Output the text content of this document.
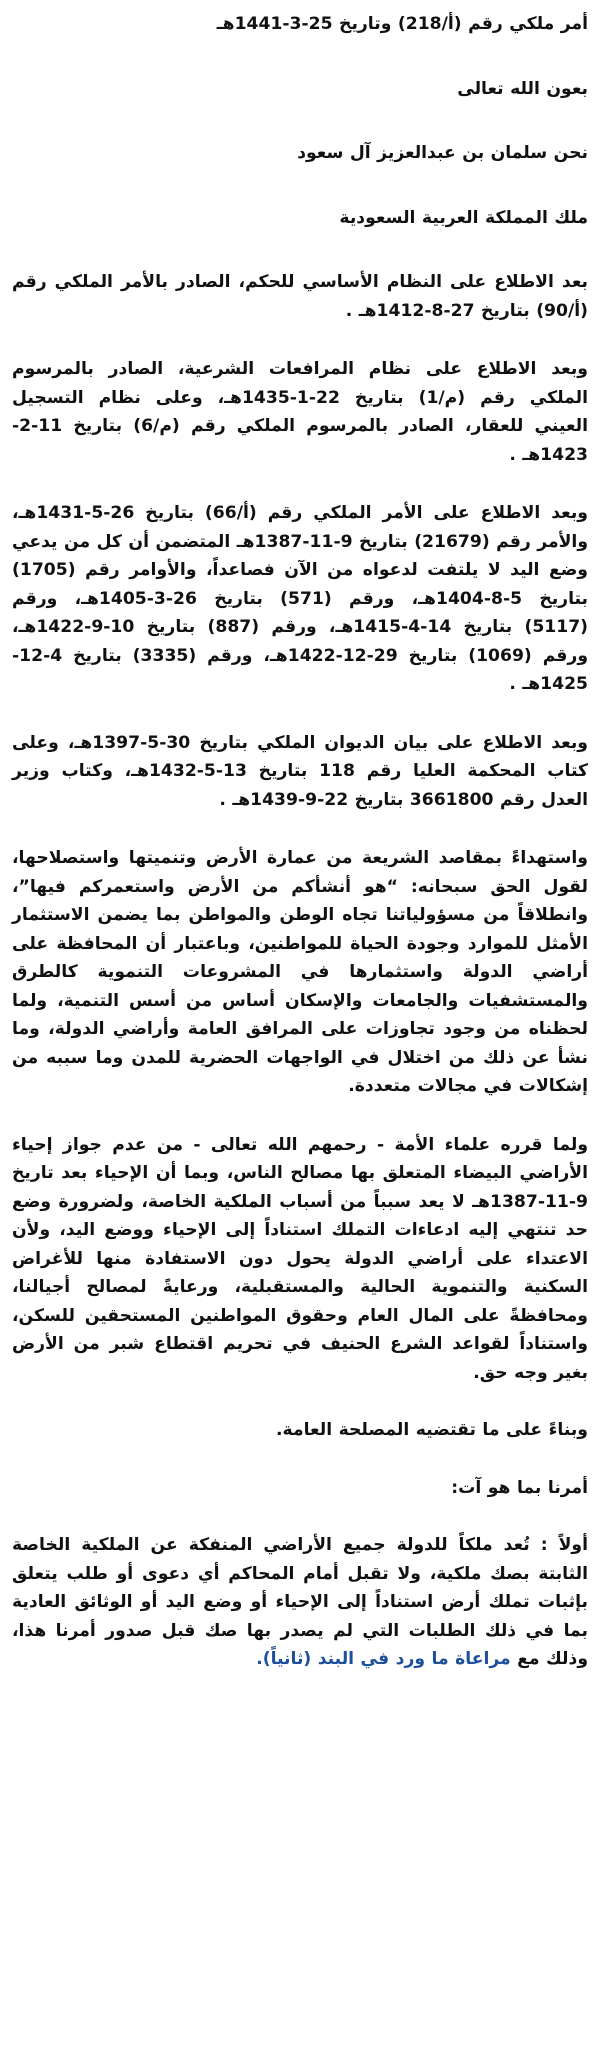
أمر ملكي رقم (أ/218) وتاريخ 25-3-1441هـ

بعون الله تعالى

نحن سلمان بن عبدالعزيز آل سعود

ملك المملكة العربية السعودية

بعد الاطلاع على النظام الأساسي للحكم، الصادر بالأمر الملكي رقم (أ/90) بتاريخ 27-8-1412هـ .

وبعد الاطلاع على نظام المرافعات الشرعية، الصادر بالمرسوم الملكي رقم (م/1) بتاريخ 22-1-1435هـ، وعلى نظام التسجيل العيني للعقار، الصادر بالمرسوم الملكي رقم (م/6) بتاريخ 11-2-1423هـ .

وبعد الاطلاع على الأمر الملكي رقم (أ/66) بتاريخ 26-5-1431هـ، والأمر رقم (21679) بتاريخ 9-11-1387هـ المتضمن أن كل من يدعي وضع اليد لا يلتفت لدعواه من الآن فصاعداً، والأوامر رقم (1705) بتاريخ 5-8-1404هـ، ورقم (571) بتاريخ 26-3-1405هـ، ورقم (5117) بتاريخ 14-4-1415هـ، ورقم (887) بتاريخ 10-9-1422هـ، ورقم (1069) بتاريخ 29-12-1422هـ، ورقم (3335) بتاريخ 4-12-1425هـ .

وبعد الاطلاع على بيان الديوان الملكي بتاريخ 30-5-1397هـ، وعلى كتاب المحكمة العليا رقم 118 بتاريخ 13-5-1432هـ، وكتاب وزير العدل رقم 3661800 بتاريخ 22-9-1439هـ .

واستهداءً بمقاصد الشريعة من عمارة الأرض وتنميتها واستصلاحها، لقول الحق سبحانه: “هو أنشأكم من الأرض واستعمركم فيها”، وانطلاقاً من مسؤولياتنا تجاه الوطن والمواطن بما يضمن الاستثمار الأمثل للموارد وجودة الحياة للمواطنين، وباعتبار أن المحافظة على أراضي الدولة واستثمارها في المشروعات التنموية كالطرق والمستشفيات والجامعات والإسكان أساس من أسس التنمية، ولما لحظناه من وجود تجاوزات على المرافق العامة وأراضي الدولة، وما نشأ عن ذلك من اختلال في الواجهات الحضرية للمدن وما سببه من إشكالات في مجالات متعددة.

ولما قرره علماء الأمة - رحمهم الله تعالى - من عدم جواز إحياء الأراضي البيضاء المتعلق بها مصالح الناس، وبما أن الإحياء بعد تاريخ 9-11-1387هـ لا يعد سبباً من أسباب الملكية الخاصة، ولضرورة وضع حد تنتهي إليه ادعاءات التملك استناداً إلى الإحياء ووضع اليد، ولأن الاعتداء على أراضي الدولة يحول دون الاستفادة منها للأغراض السكنية والتنموية الحالية والمستقبلية، ورعايةً لمصالح أجيالنا، ومحافظةً على المال العام وحقوق المواطنين المستحقين للسكن، واستناداً لقواعد الشرع الحنيف في تحريم اقتطاع شبر من الأرض بغير وجه حق.

وبناءً على ما تقتضيه المصلحة العامة.

أمرنا بما هو آت:

أولاً : تُعد ملكاً للدولة جميع الأراضي المنفكة عن الملكية الخاصة الثابتة بصك ملكية، ولا تقبل أمام المحاكم أي دعوى أو طلب يتعلق بإثبات تملك أرض استناداً إلى الإحياء أو وضع اليد أو الوثائق العادية بما في ذلك الطلبات التي لم يصدر بها صك قبل صدور أمرنا هذا، وذلك مع مراعاة ما ورد في البند (ثانياً).
